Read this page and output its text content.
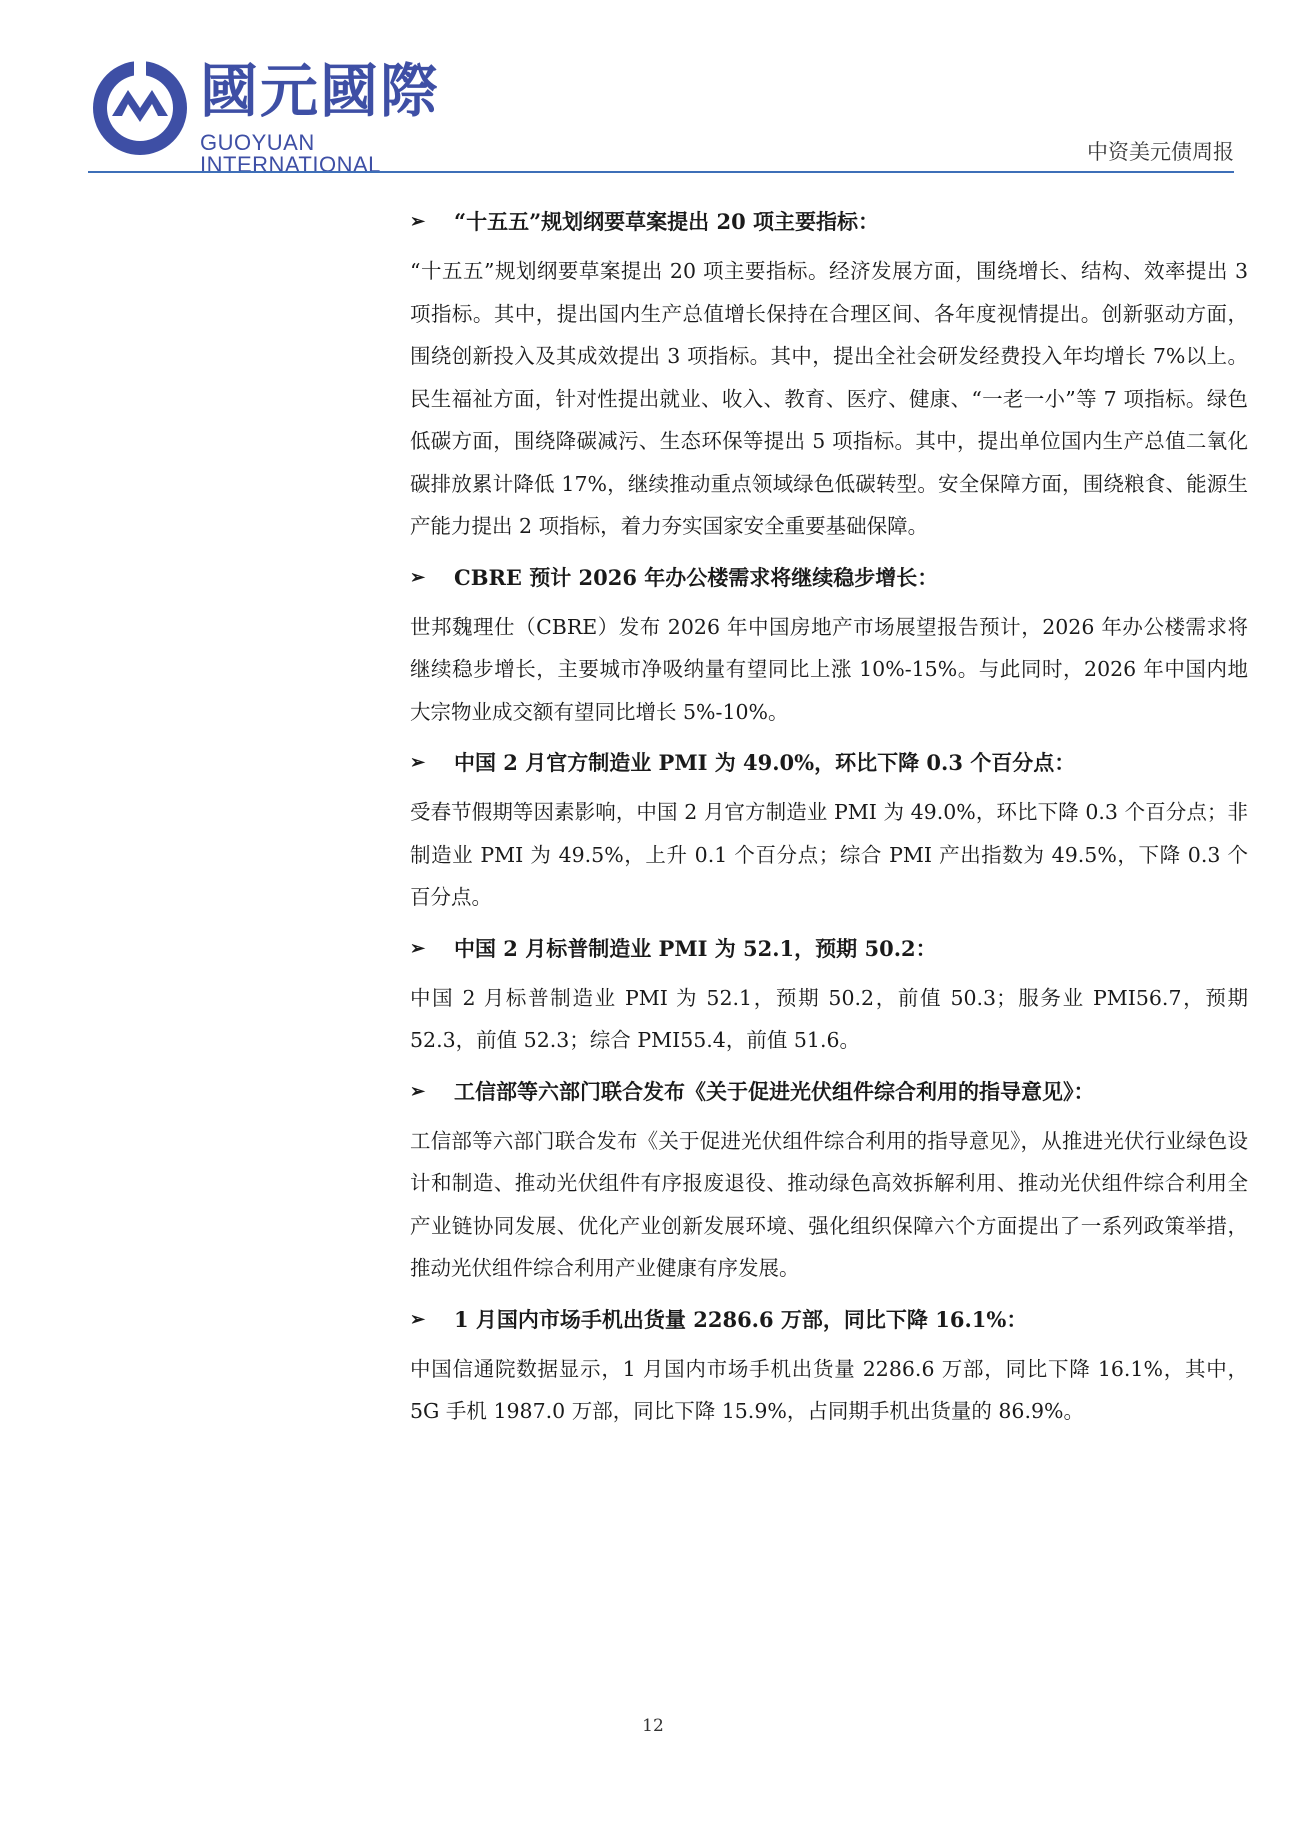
國元國際
GUOYUAN INTERNATIONAL	中资美元债周报
➢	“十五五”规划纲要草案提出 20 项主要指标：

“十五五”规划纲要草案提出 20 项主要指标。经济发展方面，围绕增长、结构、效率提出 3 项指标。其中，提出国内生产总值增长保持在合理区间、各年度视情提出。创新驱动方面，围绕创新投入及其成效提出 3 项指标。其中，提出全社会研发经费投入年均增长 7%以上。民生福祉方面，针对性提出就业、收入、教育、医疗、健康、“一老一小”等 7 项指标。绿色低碳方面，围绕降碳减污、生态环保等提出 5 项指标。其中，提出单位国内生产总值二氧化碳排放累计降低 17%，继续推动重点领域绿色低碳转型。安全保障方面，围绕粮食、能源生产能力提出 2 项指标，着力夯实国家安全重要基础保障。

➢	CBRE 预计 2026 年办公楼需求将继续稳步增长：

世邦魏理仕（CBRE）发布 2026 年中国房地产市场展望报告预计，2026 年办公楼需求将继续稳步增长，主要城市净吸纳量有望同比上涨 10%-15%。与此同时，2026 年中国内地大宗物业成交额有望同比增长 5%-10%。

➢	中国 2 月官方制造业 PMI 为 49.0%，环比下降 0.3 个百分点：

受春节假期等因素影响，中国 2 月官方制造业 PMI 为 49.0%，环比下降 0.3 个百分点；非制造业 PMI 为 49.5%，上升 0.1 个百分点；综合 PMI 产出指数为 49.5%，下降 0.3 个百分点。

➢	中国 2 月标普制造业 PMI 为 52.1，预期 50.2：

中国 2 月标普制造业 PMI 为 52.1，预期 50.2，前值 50.3；服务业 PMI56.7，预期 52.3，前值 52.3；综合 PMI55.4，前值 51.6。

➢	工信部等六部门联合发布《关于促进光伏组件综合利用的指导意见》：

工信部等六部门联合发布《关于促进光伏组件综合利用的指导意见》，从推进光伏行业绿色设计和制造、推动光伏组件有序报废退役、推动绿色高效拆解利用、推动光伏组件综合利用全产业链协同发展、优化产业创新发展环境、强化组织保障六个方面提出了一系列政策举措，推动光伏组件综合利用产业健康有序发展。

➢	1 月国内市场手机出货量 2286.6 万部，同比下降 16.1%：

中国信通院数据显示，1 月国内市场手机出货量 2286.6 万部，同比下降 16.1%，其中，5G 手机 1987.0 万部，同比下降 15.9%，占同期手机出货量的 86.9%。

12
